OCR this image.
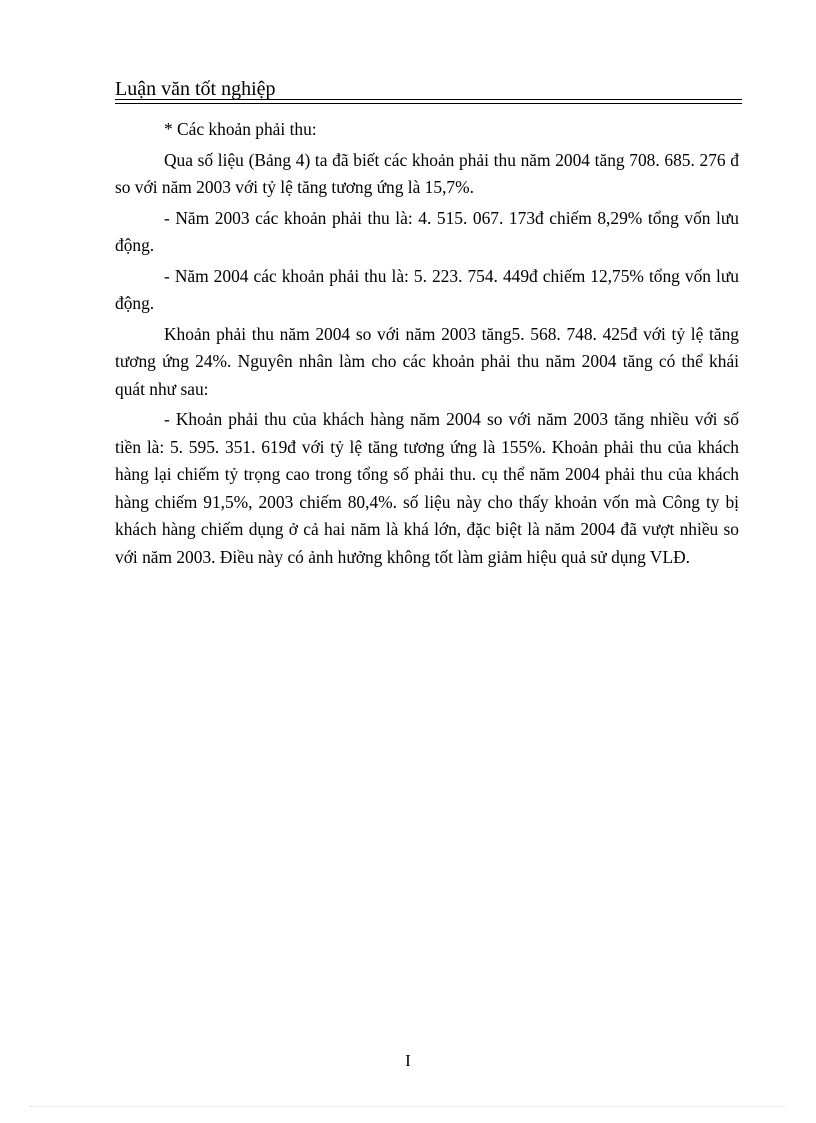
Luận văn tốt nghiệp

* Các khoản phải thu:

Qua số liệu (Bảng 4) ta đã biết các khoản phải thu năm 2004 tăng 708. 685. 276 đ so với năm 2003 với tỷ lệ tăng tương ứng là 15,7%.

- Năm 2003 các khoản phải thu là: 4. 515. 067. 173đ chiếm 8,29% tổng vốn lưu động.

- Năm 2004 các khoản phải thu là: 5. 223. 754. 449đ chiếm 12,75% tổng vốn lưu động.

Khoản phải thu năm 2004 so với năm 2003 tăng5. 568. 748. 425đ với tỷ lệ tăng tương ứng 24%. Nguyên nhân làm cho các khoản phải thu năm 2004 tăng có thể khái quát như sau:

- Khoản phải thu của khách hàng năm 2004 so với năm 2003 tăng nhiều với số tiền là: 5. 595. 351. 619đ với tỷ lệ tăng tương ứng là 155%. Khoản phải thu của khách hàng lại chiếm tỷ trọng cao trong tổng số phải thu. cụ thể năm 2004 phải thu của khách hàng chiếm 91,5%, 2003 chiếm 80,4%. số liệu này cho thấy khoản vốn mà Công ty bị khách hàng chiếm dụng ở cả hai năm là khá lớn, đặc biệt là năm 2004 đã vượt nhiều so với năm 2003. Điều này có ảnh hưởng không tốt làm giảm hiệu quả sử dụng VLĐ.

I
